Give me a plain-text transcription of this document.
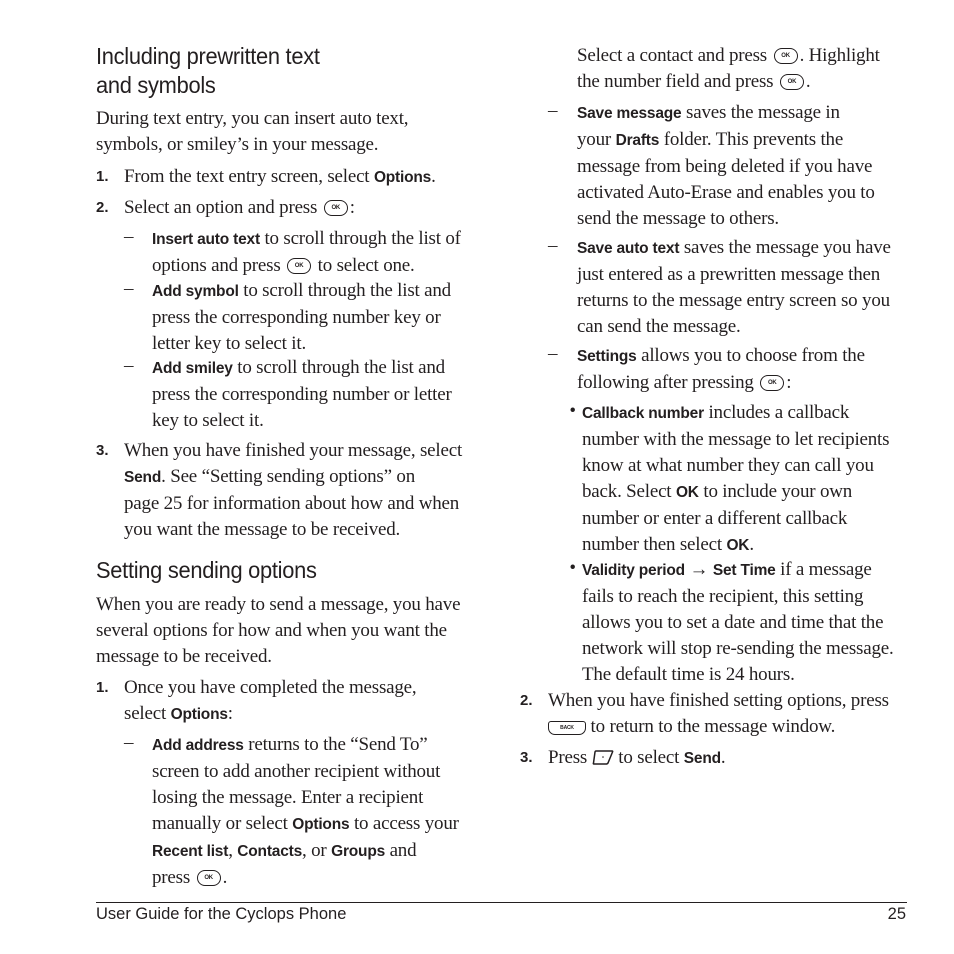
Including prewritten text
and symbols

During text entry, you can insert auto text,
symbols, or smiley’s in your message.

1. From the text entry screen, select Options.

2. Select an option and press OK :

– Insert auto text to scroll through the list of
options and press OK to select one.

– Add symbol to scroll through the list and
press the corresponding number key or
letter key to select it.

– Add smiley to scroll through the list and
press the corresponding number or letter
key to select it.

3. When you have finished your message, select
Send. See “Setting sending options” on
page 25 for information about how and when
you want the message to be received.

Setting sending options

When you are ready to send a message, you have
several options for how and when you want the
message to be received.

1. Once you have completed the message,
select Options:

– Add address returns to the “Send To”
screen to add another recipient without
losing the message. Enter a recipient
manually or select Options to access your
Recent list, Contacts, or Groups and
press OK .

Select a contact and press OK . Highlight
the number field and press OK .

– Save message saves the message in
your Drafts folder. This prevents the
message from being deleted if you have
activated Auto-Erase and enables you to
send the message to others.

– Save auto text saves the message you have
just entered as a prewritten message then
returns to the message entry screen so you
can send the message.

– Settings allows you to choose from the
following after pressing OK :

• Callback number includes a callback
number with the message to let recipients
know at what number they can call you
back. Select OK to include your own
number or enter a different callback
number then select OK.

• Validity period → Set Time if a message
fails to reach the recipient, this setting
allows you to set a date and time that the
network will stop re-sending the message.
The default time is 24 hours.

2. When you have finished setting options, press
BACK to return to the message window.

3. Press  to select Send.

User Guide for the Cyclops Phone	25
